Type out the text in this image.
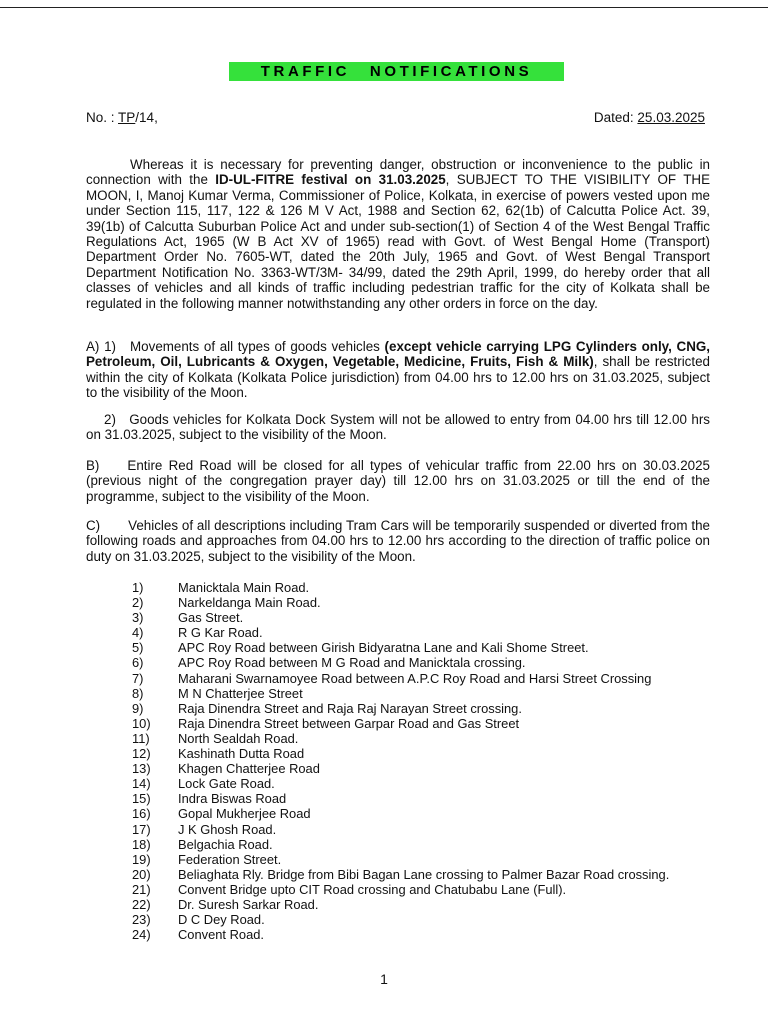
TRAFFIC NOTIFICATIONS
No. : TP/14,	Dated: 25.03.2025

Whereas it is necessary for preventing danger, obstruction or inconvenience to the public in connection with the ID-UL-FITRE festival on 31.03.2025, SUBJECT TO THE VISIBILITY OF THE MOON, I, Manoj Kumar Verma, Commissioner of Police, Kolkata, in exercise of powers vested upon me under Section 115, 117, 122 & 126 M V Act, 1988 and Section 62, 62(1b) of Calcutta Police Act. 39, 39(1b) of Calcutta Suburban Police Act and under sub-section(1) of Section 4 of the West Bengal Traffic Regulations Act, 1965 (W B Act XV of 1965) read with Govt. of West Bengal Home (Transport) Department Order No. 7605-WT, dated the 20th July, 1965 and Govt. of West Bengal Transport Department Notification No. 3363-WT/3M- 34/99, dated the 29th April, 1999, do hereby order that all classes of vehicles and all kinds of traffic including pedestrian traffic for the city of Kolkata shall be regulated in the following manner notwithstanding any other orders in force on the day.

A) 1) Movements of all types of goods vehicles (except vehicle carrying LPG Cylinders only, CNG, Petroleum, Oil, Lubricants & Oxygen, Vegetable, Medicine, Fruits, Fish & Milk), shall be restricted within the city of Kolkata (Kolkata Police jurisdiction) from 04.00 hrs to 12.00 hrs on 31.03.2025, subject to the visibility of the Moon.

2) Goods vehicles for Kolkata Dock System will not be allowed to entry from 04.00 hrs till 12.00 hrs on 31.03.2025, subject to the visibility of the Moon.

B) Entire Red Road will be closed for all types of vehicular traffic from 22.00 hrs on 30.03.2025 (previous night of the congregation prayer day) till 12.00 hrs on 31.03.2025 or till the end of the programme, subject to the visibility of the Moon.

C) Vehicles of all descriptions including Tram Cars will be temporarily suspended or diverted from the following roads and approaches from 04.00 hrs to 12.00 hrs according to the direction of traffic police on duty on 31.03.2025, subject to the visibility of the Moon.

1)	Manicktala Main Road.
2)	Narkeldanga Main Road.
3)	Gas Street.
4)	R G Kar Road.
5)	APC Roy Road between Girish Bidyaratna Lane and Kali Shome Street.
6)	APC Roy Road between M G Road and Manicktala crossing.
7)	Maharani Swarnamoyee Road between A.P.C Roy Road and Harsi Street Crossing
8)	M N Chatterjee Street
9)	Raja Dinendra Street and Raja Raj Narayan Street crossing.
10)	Raja Dinendra Street between Garpar Road and Gas Street
11)	North Sealdah Road.
12)	Kashinath Dutta Road
13)	Khagen Chatterjee Road
14)	Lock Gate Road.
15)	Indra Biswas Road
16)	Gopal Mukherjee Road
17)	J K Ghosh Road.
18)	Belgachia Road.
19)	Federation Street.
20)	Beliaghata Rly. Bridge from Bibi Bagan Lane crossing to Palmer Bazar Road crossing.
21)	Convent Bridge upto CIT Road crossing and Chatubabu Lane (Full).
22)	Dr. Suresh Sarkar Road.
23)	D C Dey Road.
24)	Convent Road.
1
